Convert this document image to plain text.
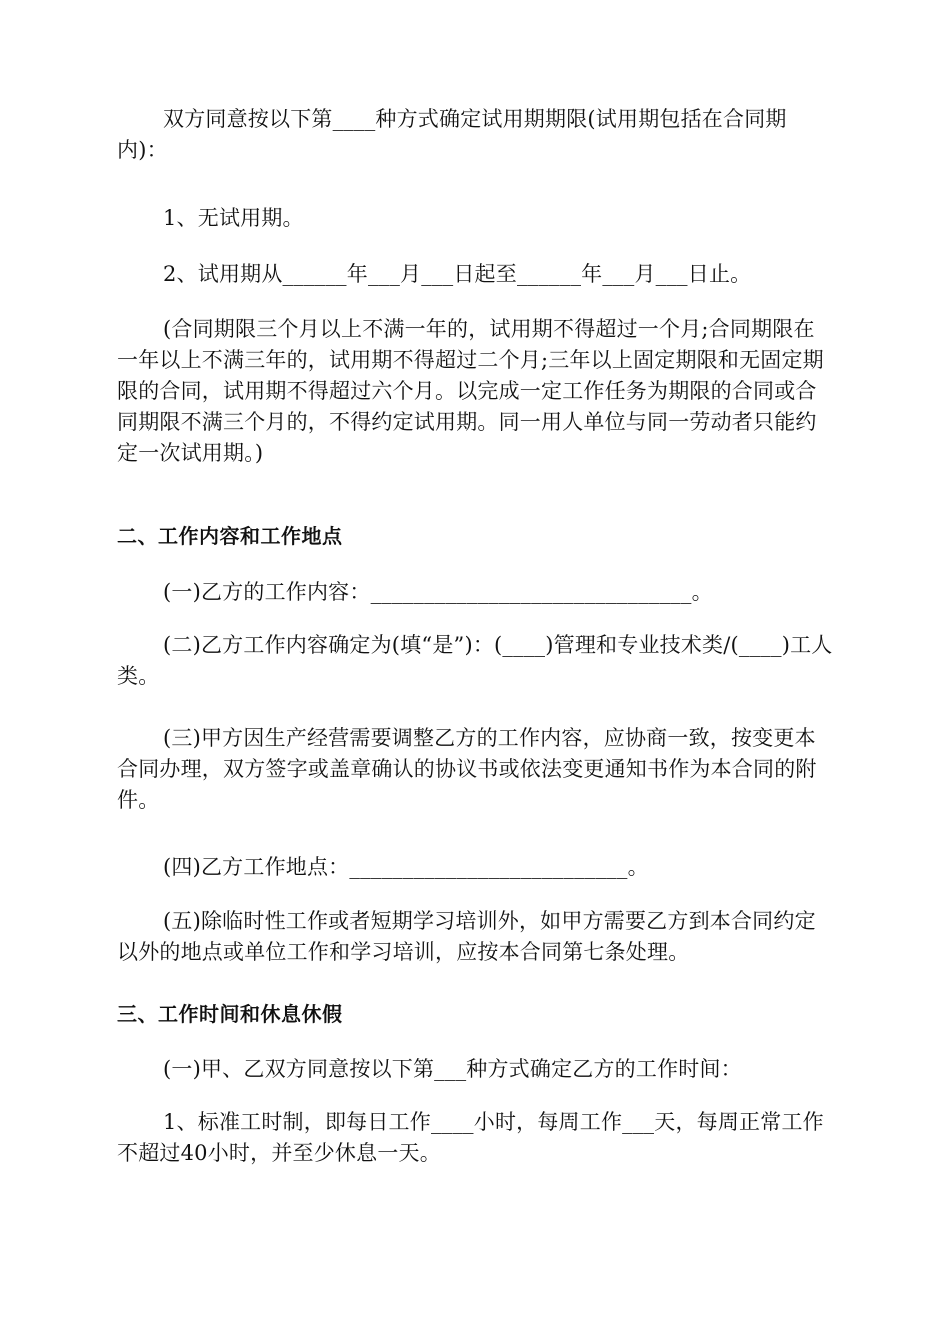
双方同意按以下第____种方式确定试用期期限(试用期包括在合同期内)：

1、无试用期。

2、试用期从______年___月___日起至______年___月___日止。

(合同期限三个月以上不满一年的，试用期不得超过一个月;合同期限在一年以上不满三年的，试用期不得超过二个月;三年以上固定期限和无固定期限的合同，试用期不得超过六个月。以完成一定工作任务为期限的合同或合同期限不满三个月的，不得约定试用期。同一用人单位与同一劳动者只能约定一次试用期。)

二、工作内容和工作地点

(一)乙方的工作内容：______________________________。

(二)乙方工作内容确定为(填“是”)：(____)管理和专业技术类/(____)工人类。

(三)甲方因生产经营需要调整乙方的工作内容，应协商一致，按变更本合同办理，双方签字或盖章确认的协议书或依法变更通知书作为本合同的附件。

(四)乙方工作地点：__________________________。

(五)除临时性工作或者短期学习培训外，如甲方需要乙方到本合同约定以外的地点或单位工作和学习培训，应按本合同第七条处理。

三、工作时间和休息休假

(一)甲、乙双方同意按以下第___种方式确定乙方的工作时间：

1、标准工时制，即每日工作____小时，每周工作___天，每周正常工作不超过40小时，并至少休息一天。
